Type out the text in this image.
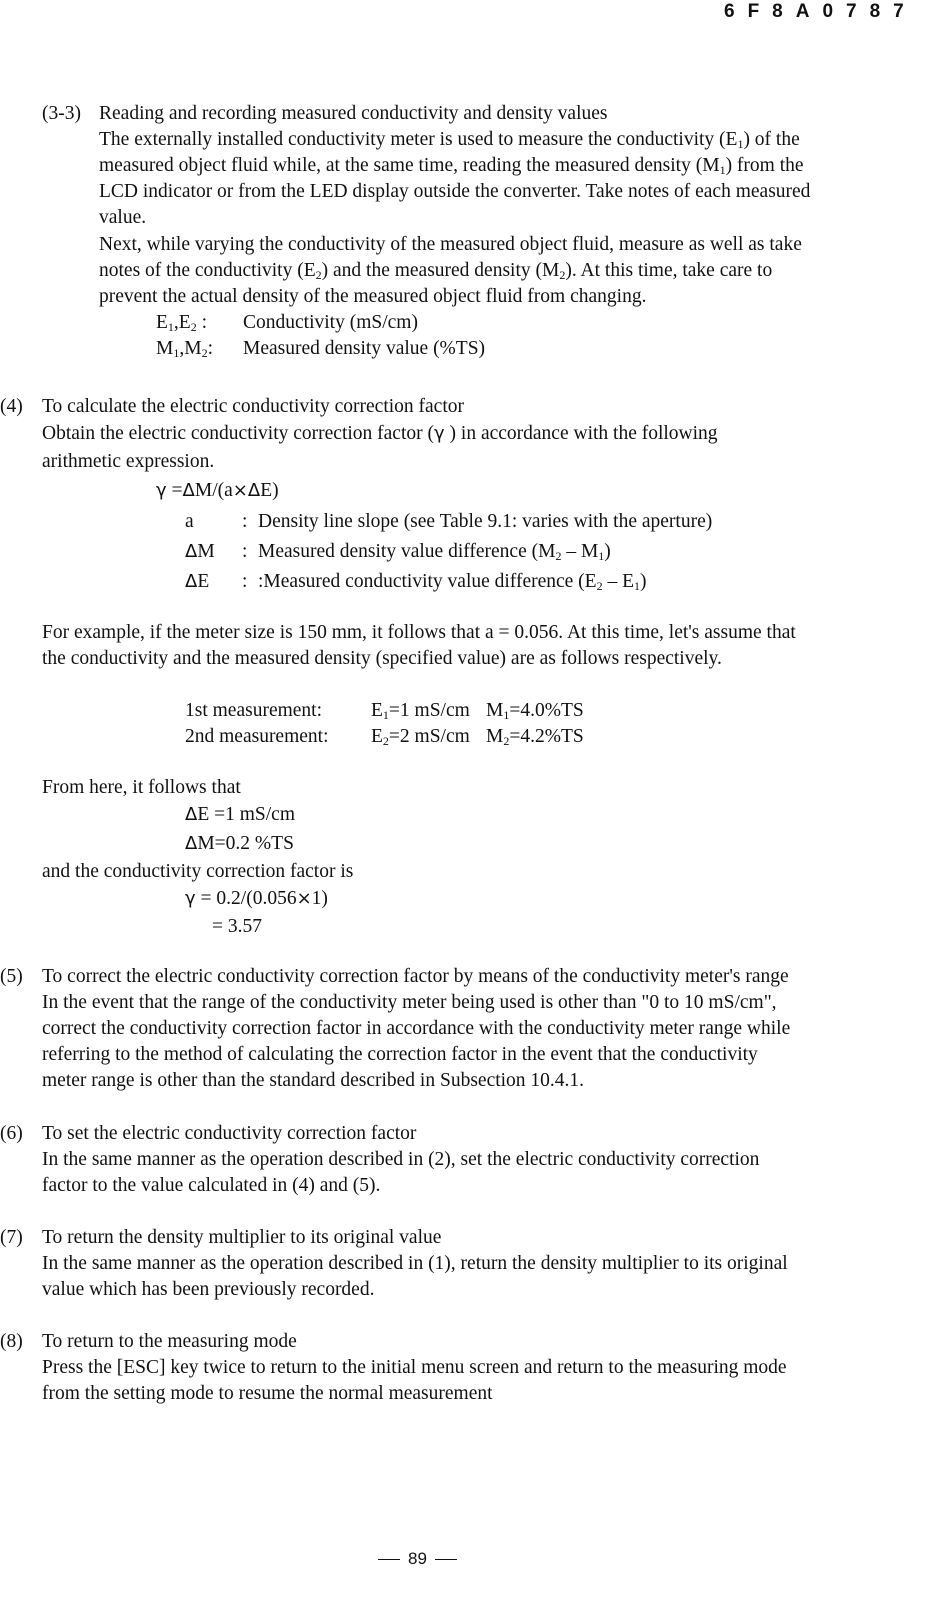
6F8A0787
(3-3) Reading and recording measured conductivity and density values
The externally installed conductivity meter is used to measure the conductivity $(E_1)$ of the
measured object fluid while, at the same time, reading the measured density $(M_1)$ from the
LCD indicator or from the LED display outside the converter. Take notes of each measured
value.
Next, while varying the conductivity of the measured object fluid, measure as well as take
notes of the conductivity $(E_2)$ and the measured density $(M_2)$. At this time, take care to
prevent the actual density of the measured object fluid from changing.
$E_1,E_2$ : Conductivity (mS/cm)
$M_1,M_2$: Measured density value (%TS)
(4) To calculate the electric conductivity correction factor
Obtain the electric conductivity correction factor (γ ) in accordance with the following
arithmetic expression.
γ =ΔM/(a×ΔE)
a : Density line slope (see Table 9.1: varies with the aperture)
ΔM : Measured density value difference $(M_2 - M_1)$
ΔE : :Measured conductivity value difference $(E_2 - E_1)$
For example, if the meter size is 150 mm, it follows that a = 0.056. At this time, let's assume that
the conductivity and the measured density (specified value) are as follows respectively.
1st measurement:	$E_1=1$ mS/cm $M_1=4.0\%TS$
2nd measurement: $E_2=2$ mS/cm $M_2=4.2\%TS$
From here, it follows that
ΔE =1 mS/cm
ΔM=0.2 %TS
and the conductivity correction factor is
γ = 0.2/(0.056×1)
= 3.57
(5) To correct the electric conductivity correction factor by means of the conductivity meter's range
In the event that the range of the conductivity meter being used is other than "0 to 10 mS/cm",
correct the conductivity correction factor in accordance with the conductivity meter range while
referring to the method of calculating the correction factor in the event that the conductivity
meter range is other than the standard described in Subsection 10.4.1.
(6) To set the electric conductivity correction factor
In the same manner as the operation described in (2), set the electric conductivity correction
factor to the value calculated in (4) and (5).
(7) To return the density multiplier to its original value
In the same manner as the operation described in (1), return the density multiplier to its original
value which has been previously recorded.
(8) To return to the measuring mode
Press the [ESC] key twice to return to the initial menu screen and return to the measuring mode
from the setting mode to resume the normal measurement
89
